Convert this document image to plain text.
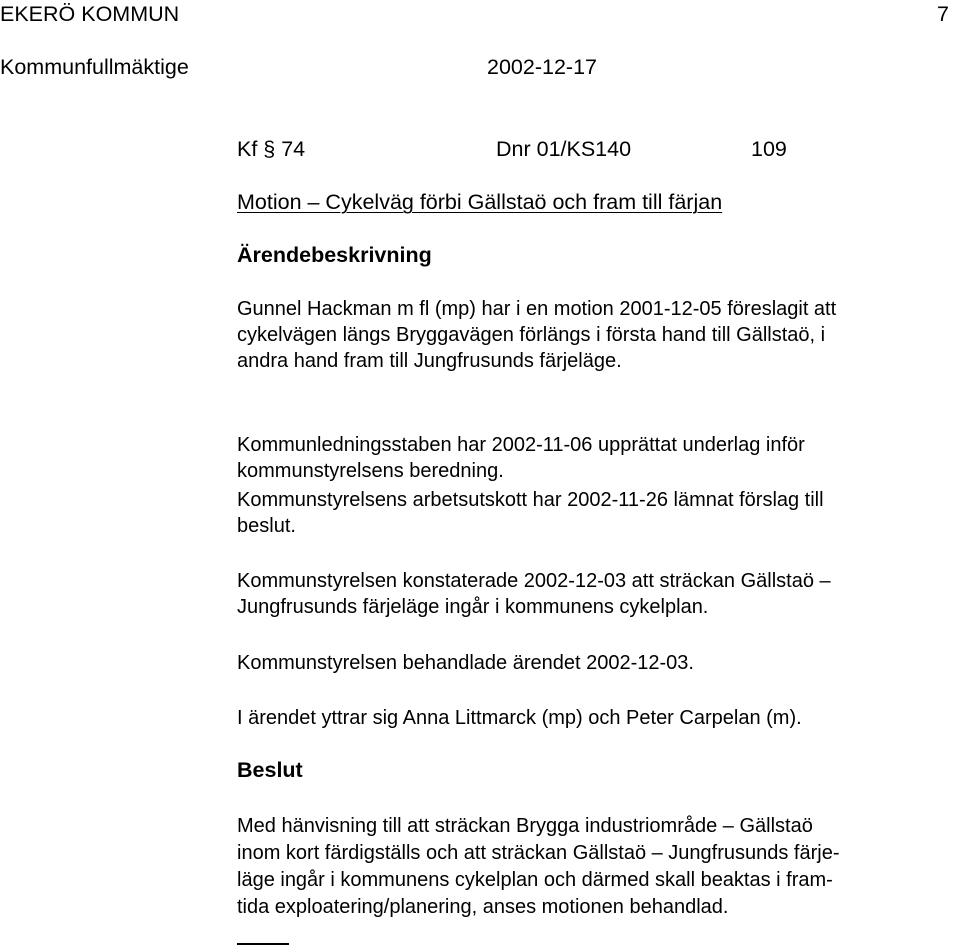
EKERÖ KOMMUN	7
Kommunfullmäktige	2002-12-17
Kf § 74	Dnr 01/KS140	109
Motion – Cykelväg förbi Gällstaö och fram till färjan
Ärendebeskrivning
Gunnel Hackman m fl (mp) har i en motion 2001-12-05 föreslagit att
cykelvägen längs Bryggavägen förlängs i första hand till Gällstaö, i
andra hand fram till Jungfrusunds färjeläge.
Kommunledningsstaben har 2002-11-06 upprättat underlag inför
kommunstyrelsens beredning.
Kommunstyrelsens arbetsutskott har 2002-11-26 lämnat förslag till
beslut.
Kommunstyrelsen konstaterade 2002-12-03 att sträckan Gällstaö –
Jungfrusunds färjeläge ingår i kommunens cykelplan.
Kommunstyrelsen behandlade ärendet 2002-12-03.
I ärendet yttrar sig Anna Littmarck (mp) och Peter Carpelan (m).
Beslut
Med hänvisning till att sträckan Brygga industriområde – Gällstaö
inom kort färdigställs och att sträckan Gällstaö – Jungfrusunds färje-
läge ingår i kommunens cykelplan och därmed skall beaktas i fram-
tida exploatering/planering, anses motionen behandlad.
